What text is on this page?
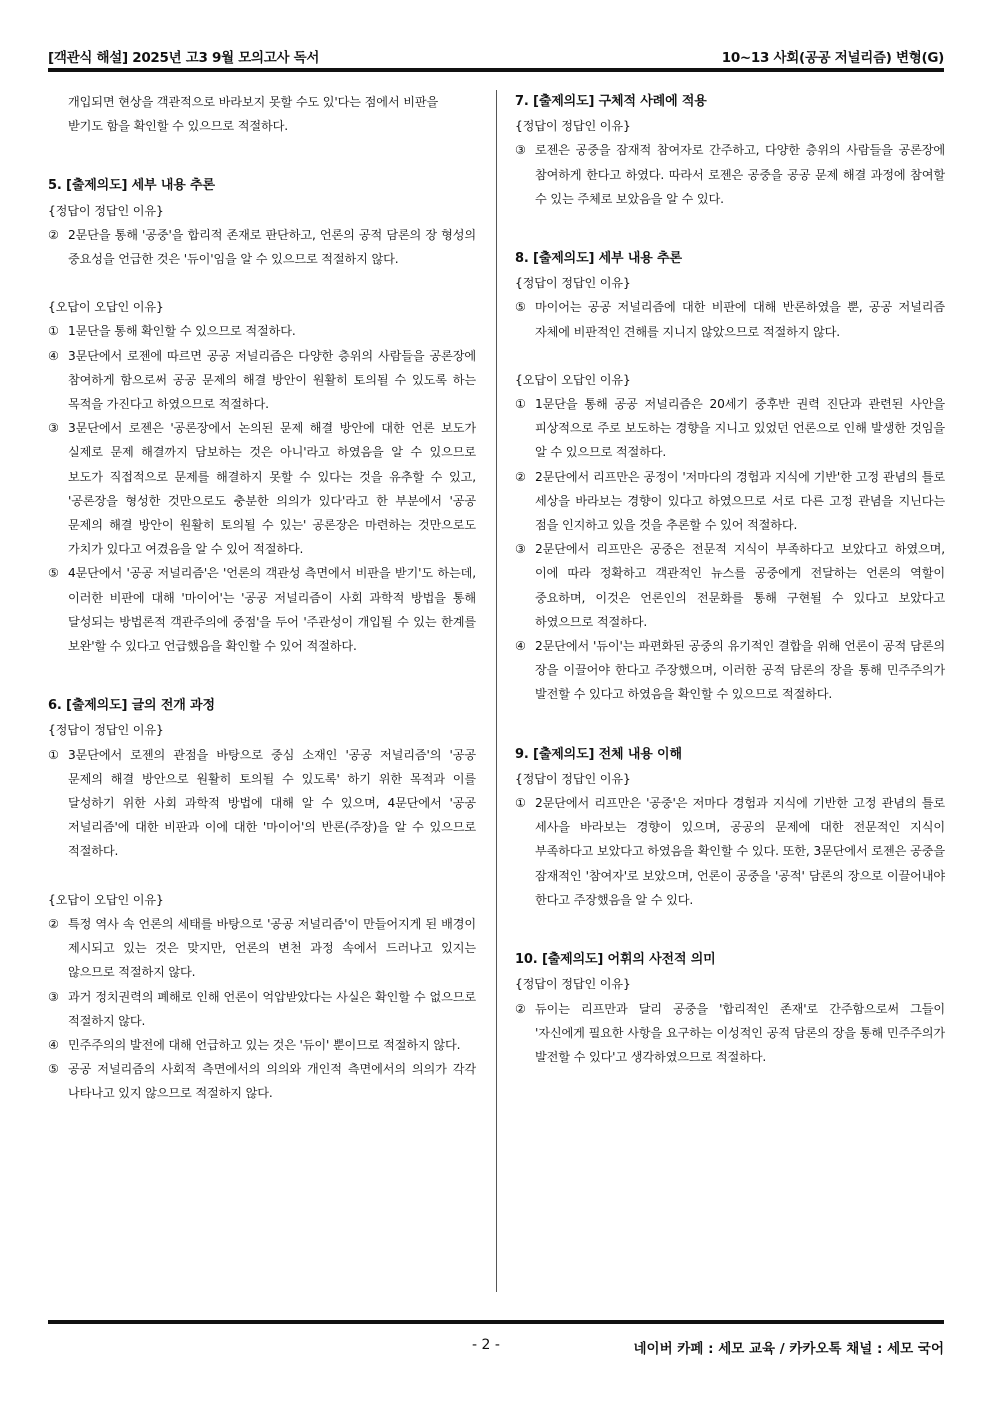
[객관식 해설] 2025년 고3 9월 모의고사 독서	10~13 사회(공공 저널리즘) 변형(G)
개입되면 현상을 객관적으로 바라보지 못할 수도 있'다는 점에서 비판을 받기도 함을 확인할 수 있으므로 적절하다.
5. [출제의도] 세부 내용 추론
{정답이 정답인 이유}
② 2문단을 통해 '공중'을 합리적 존재로 판단하고, 언론의 공적 담론의 장 형성의 중요성을 언급한 것은 '듀이'임을 알 수 있으므로 적절하지 않다.
{오답이 오답인 이유}
① 1문단을 통해 확인할 수 있으므로 적절하다.
④ 3문단에서 로젠에 따르면 공공 저널리즘은 다양한 층위의 사람들을 공론장에 참여하게 함으로써 공공 문제의 해결 방안이 원활히 토의될 수 있도록 하는 목적을 가진다고 하였으므로 적절하다.
③ 3문단에서 로젠은 '공론장에서 논의된 문제 해결 방안에 대한 언론 보도가 실제로 문제 해결까지 담보하는 것은 아니'라고 하였음을 알 수 있으므로 보도가 직접적으로 문제를 해결하지 못할 수 있다는 것을 유추할 수 있고, '공론장을 형성한 것만으로도 충분한 의의가 있다'라고 한 부분에서 '공공 문제의 해결 방안이 원활히 토의될 수 있는' 공론장은 마련하는 것만으로도 가치가 있다고 여겼음을 알 수 있어 적절하다.
⑤ 4문단에서 '공공 저널리즘'은 '언론의 객관성 측면에서 비판을 받기'도 하는데, 이러한 비판에 대해 '마이어'는 '공공 저널리즘이 사회 과학적 방법을 통해 달성되는 방법론적 객관주의에 중점'을 두어 '주관성이 개입될 수 있는 한계를 보완'할 수 있다고 언급했음을 확인할 수 있어 적절하다.
6. [출제의도] 글의 전개 과정
{정답이 정답인 이유}
① 3문단에서 로젠의 관점을 바탕으로 중심 소재인 '공공 저널리즘'의 '공공 문제의 해결 방안으로 원활히 토의될 수 있도록' 하기 위한 목적과 이를 달성하기 위한 사회 과학적 방법에 대해 알 수 있으며, 4문단에서 '공공 저널리즘'에 대한 비판과 이에 대한 '마이어'의 반론(주장)을 알 수 있으므로 적절하다.
{오답이 오답인 이유}
② 특정 역사 속 언론의 세태를 바탕으로 '공공 저널리즘'이 만들어지게 된 배경이 제시되고 있는 것은 맞지만, 언론의 변천 과정 속에서 드러나고 있지는 않으므로 적절하지 않다.
③ 과거 정치권력의 폐해로 인해 언론이 억압받았다는 사실은 확인할 수 없으므로 적절하지 않다.
④ 민주주의의 발전에 대해 언급하고 있는 것은 '듀이' 뿐이므로 적절하지 않다.
⑤ 공공 저널리즘의 사회적 측면에서의 의의와 개인적 측면에서의 의의가 각각 나타나고 있지 않으므로 적절하지 않다.
7. [출제의도] 구체적 사례에 적용
{정답이 정답인 이유}
③ 로젠은 공중을 잠재적 참여자로 간주하고, 다양한 층위의 사람들을 공론장에 참여하게 한다고 하였다. 따라서 로젠은 공중을 공공 문제 해결 과정에 참여할 수 있는 주체로 보았음을 알 수 있다.
8. [출제의도] 세부 내용 추론
{정답이 정답인 이유}
⑤ 마이어는 공공 저널리즘에 대한 비판에 대해 반론하였을 뿐, 공공 저널리즘 자체에 비판적인 견해를 지니지 않았으므로 적절하지 않다.
{오답이 오답인 이유}
① 1문단을 통해 공공 저널리즘은 20세기 중후반 권력 진단과 관련된 사안을 피상적으로 주로 보도하는 경향을 지니고 있었던 언론으로 인해 발생한 것임을 알 수 있으므로 적절하다.
② 2문단에서 리프만은 공정이 '저마다의 경험과 지식에 기반'한 고정 관념의 틀로 세상을 바라보는 경향이 있다고 하였으므로 서로 다른 고정 관념을 지닌다는 점을 인지하고 있을 것을 추론할 수 있어 적절하다.
③ 2문단에서 리프만은 공중은 전문적 지식이 부족하다고 보았다고 하였으며, 이에 따라 정확하고 객관적인 뉴스를 공중에게 전달하는 언론의 역할이 중요하며, 이것은 언론인의 전문화를 통해 구현될 수 있다고 보았다고 하였으므로 적절하다.
④ 2문단에서 '듀이'는 파편화된 공중의 유기적인 결합을 위해 언론이 공적 담론의 장을 이끌어야 한다고 주장했으며, 이러한 공적 담론의 장을 통해 민주주의가 발전할 수 있다고 하였음을 확인할 수 있으므로 적절하다.
9. [출제의도] 전체 내용 이해
{정답이 정답인 이유}
① 2문단에서 리프만은 '공중'은 저마다 경험과 지식에 기반한 고정 관념의 틀로 세사을 바라보는 경향이 있으며, 공공의 문제에 대한 전문적인 지식이 부족하다고 보았다고 하였음을 확인할 수 있다. 또한, 3문단에서 로젠은 공중을 잠재적인 '참여자'로 보았으며, 언론이 공중을 '공적' 담론의 장으로 이끌어내야 한다고 주장했음을 알 수 있다.
10. [출제의도] 어휘의 사전적 의미
{정답이 정답인 이유}
② 듀이는 리프만과 달리 공중을 '합리적인 존재'로 간주함으로써 그들이 '자신에게 필요한 사항을 요구하는 이성적인 공적 담론의 장을 통해 민주주의가 발전할 수 있다'고 생각하였으므로 적절하다.
- 2 -	네이버 카페 : 세모 교육 / 카카오톡 채널 : 세모 국어
